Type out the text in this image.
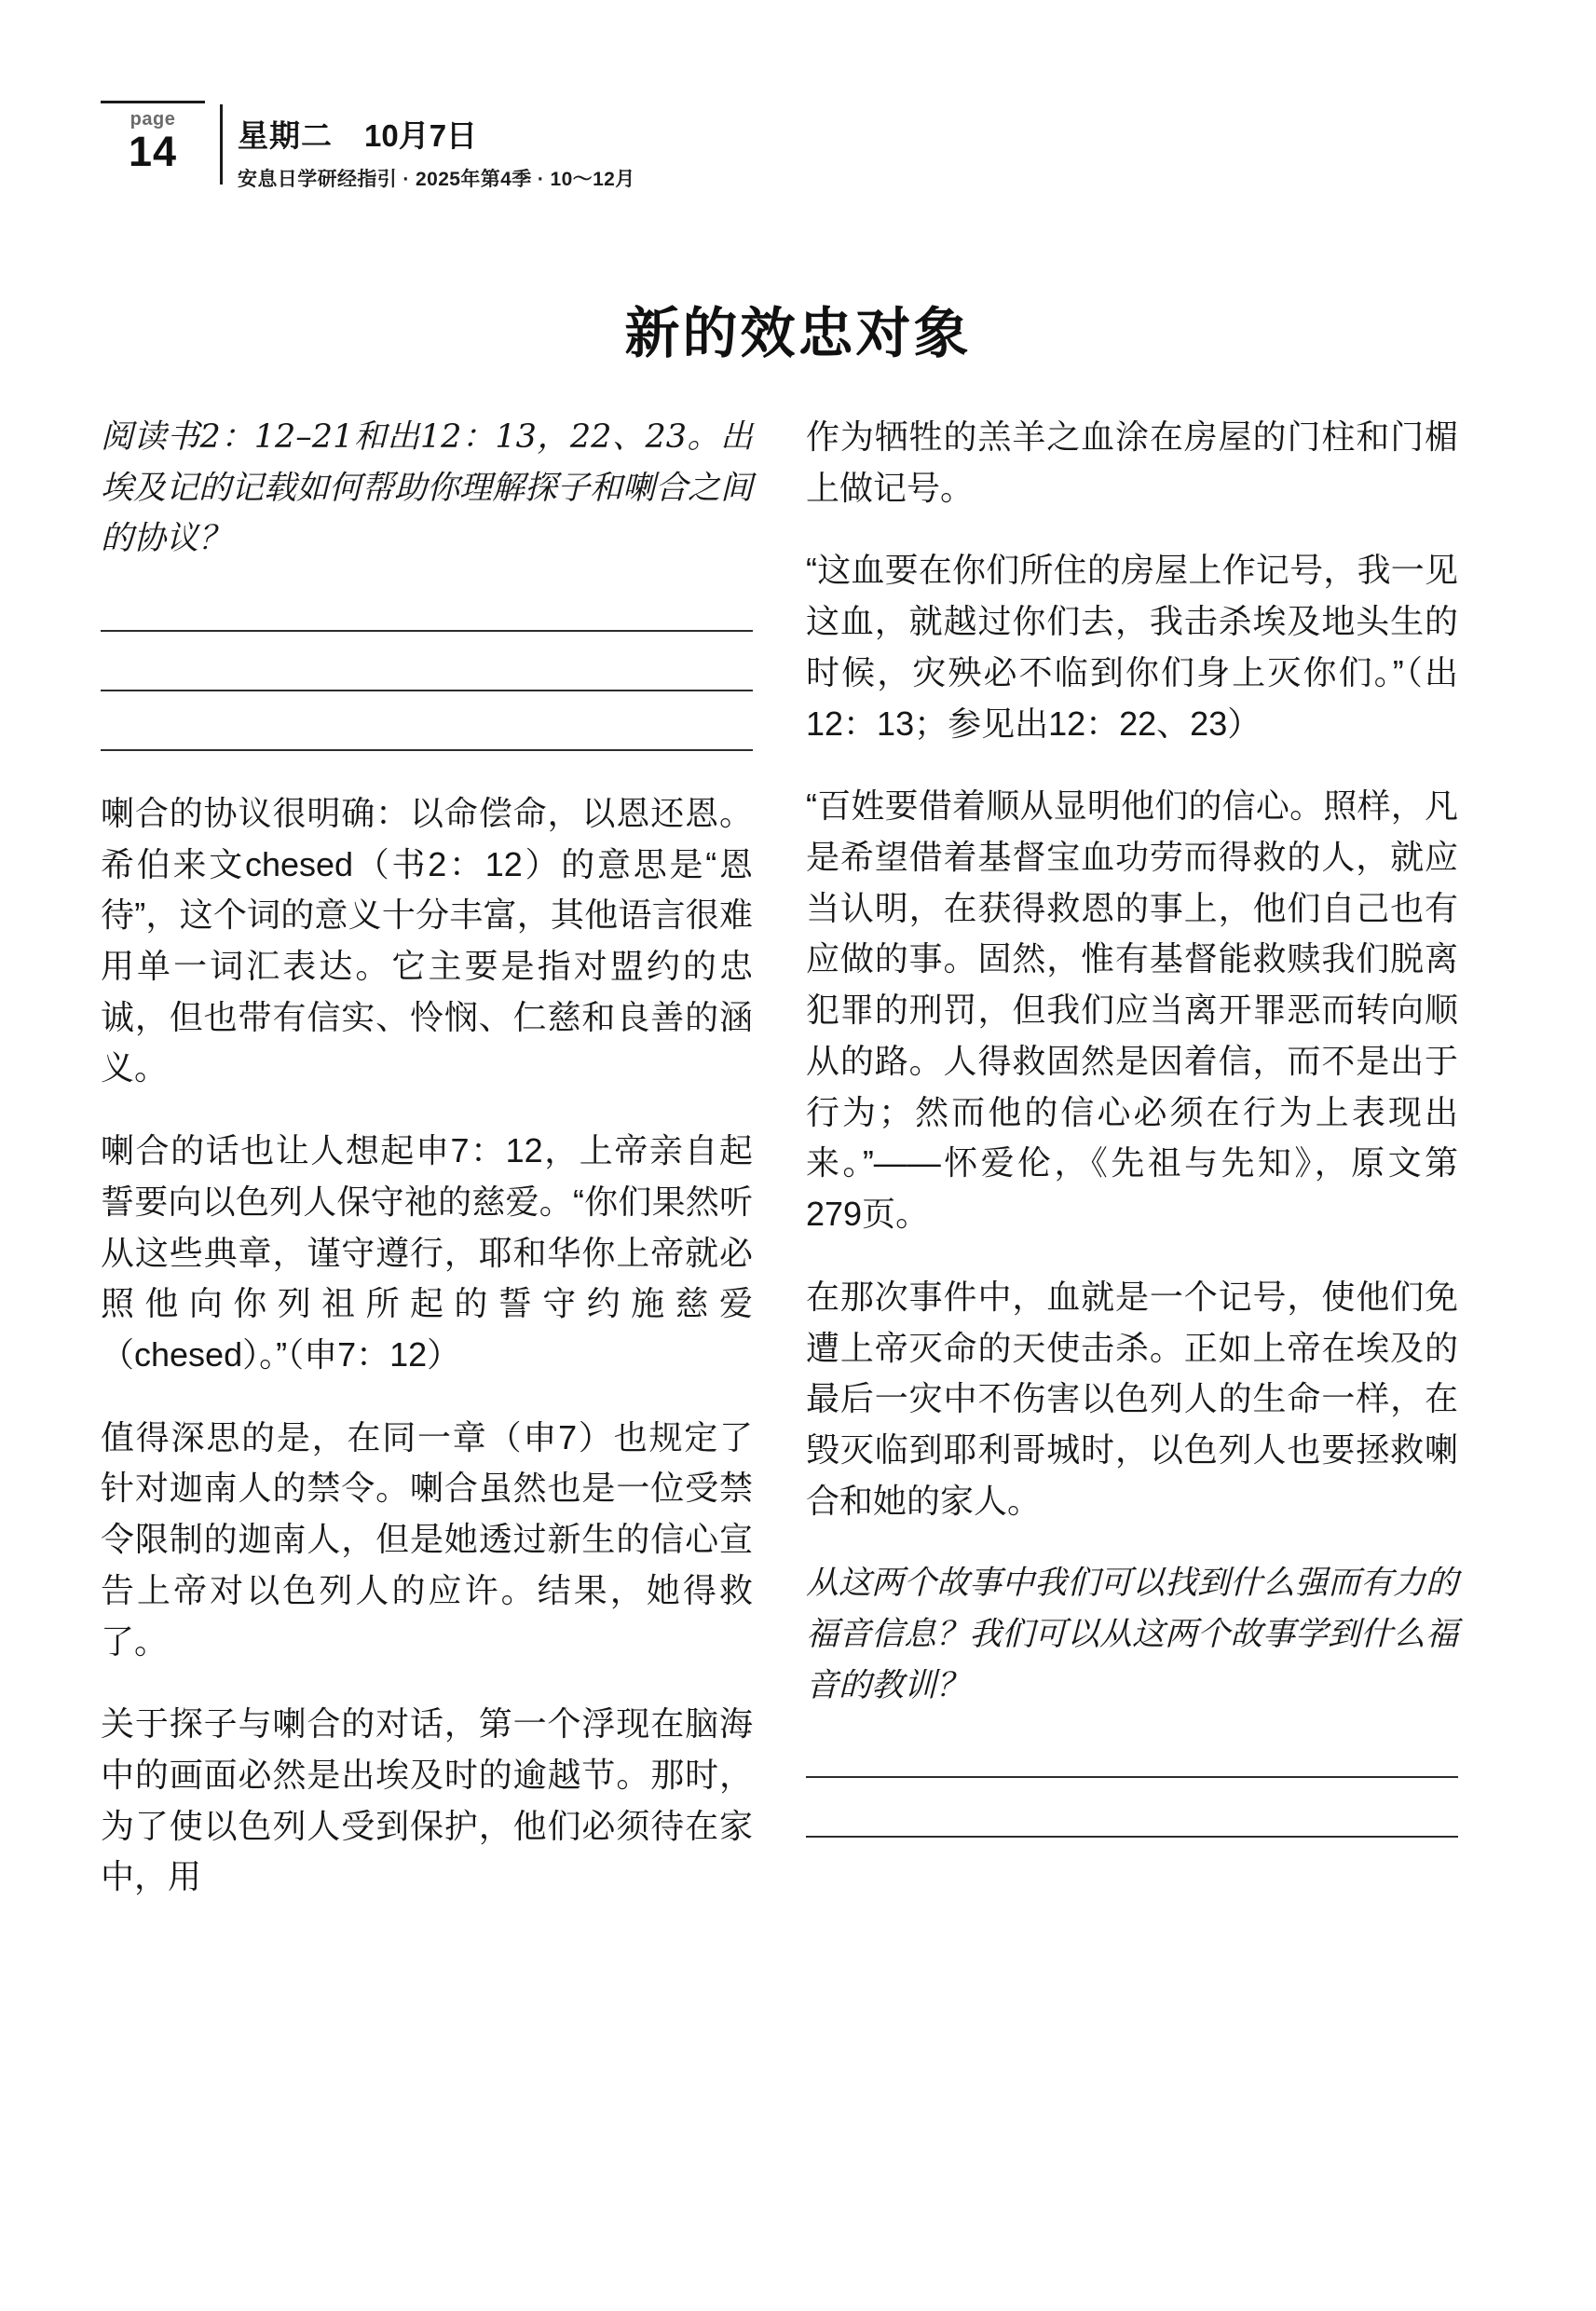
page
14	星期二 10月7日
安息日学研经指引 · 2025年第4季 · 10～12月
新的效忠对象

阅读书2：12–21和出12：13，22、23。出埃及记的记载如何帮助你理解探子和喇合之间的协议？

喇合的协议很明确：以命偿命，以恩还恩。希伯来文chesed（书2：12）的意思是“恩待”，这个词的意义十分丰富，其他语言很难用单一词汇表达。它主要是指对盟约的忠诚，但也带有信实、怜悯、仁慈和良善的涵义。

喇合的话也让人想起申7：12，上帝亲自起誓要向以色列人保守祂的慈爱。“你们果然听从这些典章，谨守遵行，耶和华你上帝就必照他向你列祖所起的誓守约施慈爱（chesed）。”（申7：12）

值得深思的是，在同一章（申7）也规定了针对迦南人的禁令。喇合虽然也是一位受禁令限制的迦南人，但是她透过新生的信心宣告上帝对以色列人的应许。结果，她得救了。

关于探子与喇合的对话，第一个浮现在脑海中的画面必然是出埃及时的逾越节。那时，为了使以色列人受到保护，他们必须待在家中，用

作为牺牲的羔羊之血涂在房屋的门柱和门楣上做记号。

“这血要在你们所住的房屋上作记号，我一见这血，就越过你们去，我击杀埃及地头生的时候，灾殃必不临到你们身上灭你们。”（出12：13；参见出12：22、23）

“百姓要借着顺从显明他们的信心。照样，凡是希望借着基督宝血功劳而得救的人，就应当认明，在获得救恩的事上，他们自己也有应做的事。固然，惟有基督能救赎我们脱离犯罪的刑罚，但我们应当离开罪恶而转向顺从的路。人得救固然是因着信，而不是出于行为；然而他的信心必须在行为上表现出来。”——怀爱伦，《先祖与先知》，原文第279页。

在那次事件中，血就是一个记号，使他们免遭上帝灭命的天使击杀。正如上帝在埃及的最后一灾中不伤害以色列人的生命一样，在毁灭临到耶利哥城时，以色列人也要拯救喇合和她的家人。

从这两个故事中我们可以找到什么强而有力的福音信息？我们可以从这两个故事学到什么福音的教训？
